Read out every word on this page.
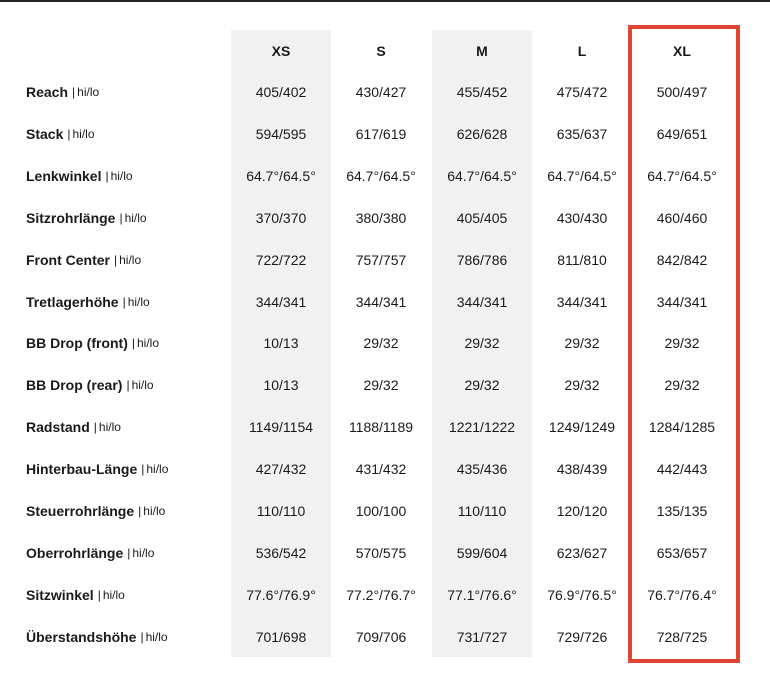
XS	S	M	L	XL
Reach | hi/lo	405/402	430/427	455/452	475/472	500/497
Stack | hi/lo	594/595	617/619	626/628	635/637	649/651
Lenkwinkel | hi/lo	64.7°/64.5°	64.7°/64.5°	64.7°/64.5°	64.7°/64.5°	64.7°/64.5°
Sitzrohrlänge | hi/lo	370/370	380/380	405/405	430/430	460/460
Front Center | hi/lo	722/722	757/757	786/786	811/810	842/842
Tretlagerhöhe | hi/lo	344/341	344/341	344/341	344/341	344/341
BB Drop (front) | hi/lo	10/13	29/32	29/32	29/32	29/32
BB Drop (rear) | hi/lo	10/13	29/32	29/32	29/32	29/32
Radstand | hi/lo	1149/1154	1188/1189	1221/1222	1249/1249	1284/1285
Hinterbau-Länge | hi/lo	427/432	431/432	435/436	438/439	442/443
Steuerrohrlänge | hi/lo	110/110	100/100	110/110	120/120	135/135
Oberrohrlänge | hi/lo	536/542	570/575	599/604	623/627	653/657
Sitzwinkel | hi/lo	77.6°/76.9°	77.2°/76.7°	77.1°/76.6°	76.9°/76.5°	76.7°/76.4°
Überstandshöhe | hi/lo	701/698	709/706	731/727	729/726	728/725
